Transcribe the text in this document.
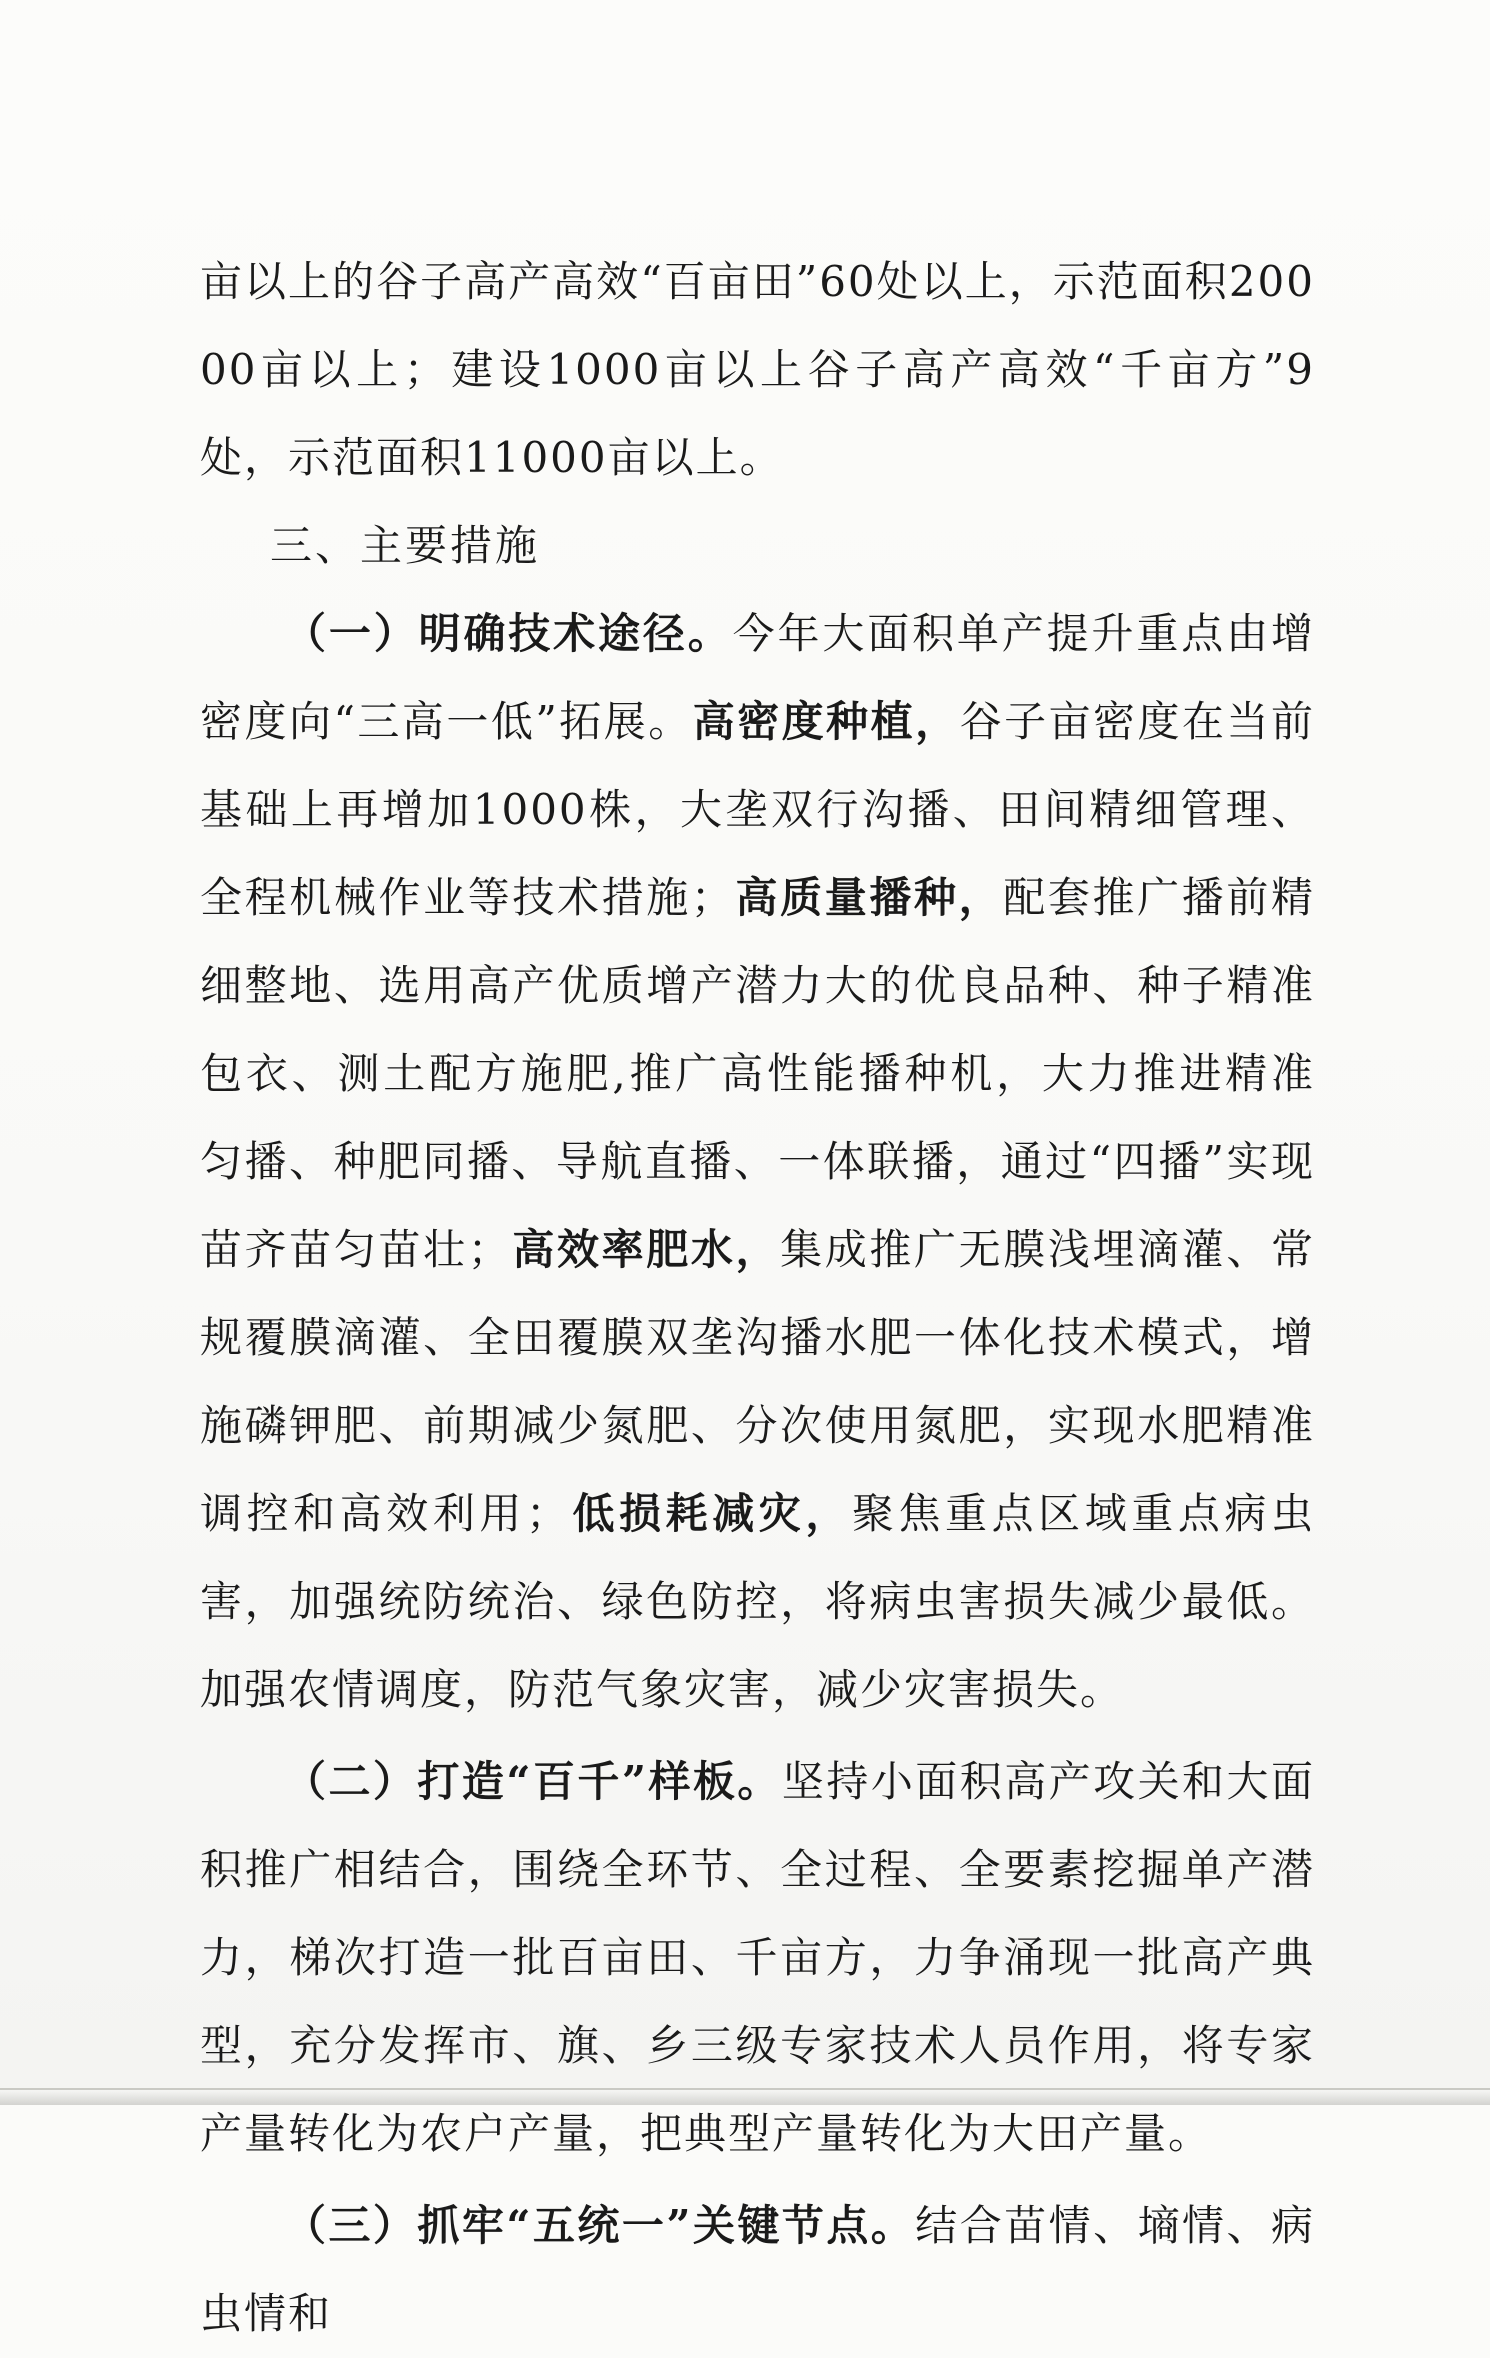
亩以上的谷子高产高效“百亩田”60处以上，示范面积20000亩以上；建设1000亩以上谷子高产高效“千亩方”9处，示范面积11000亩以上。

三、主要措施

（一）明确技术途径。今年大面积单产提升重点由增密度向“三高一低”拓展。高密度种植，谷子亩密度在当前基础上再增加1000株，大垄双行沟播、田间精细管理、全程机械作业等技术措施；高质量播种，配套推广播前精细整地、选用高产优质增产潜力大的优良品种、种子精准包衣、测土配方施肥,推广高性能播种机，大力推进精准匀播、种肥同播、导航直播、一体联播，通过“四播”实现苗齐苗匀苗壮；高效率肥水，集成推广无膜浅埋滴灌、常规覆膜滴灌、全田覆膜双垄沟播水肥一体化技术模式，增施磷钾肥、前期减少氮肥、分次使用氮肥，实现水肥精准调控和高效利用；低损耗减灾，聚焦重点区域重点病虫害，加强统防统治、绿色防控，将病虫害损失减少最低。加强农情调度，防范气象灾害，减少灾害损失。

（二）打造“百千”样板。坚持小面积高产攻关和大面积推广相结合，围绕全环节、全过程、全要素挖掘单产潜力，梯次打造一批百亩田、千亩方，力争涌现一批高产典型，充分发挥市、旗、乡三级专家技术人员作用，将专家产量转化为农户产量，把典型产量转化为大田产量。

（三）抓牢“五统一”关键节点。结合苗情、墒情、病虫情和
